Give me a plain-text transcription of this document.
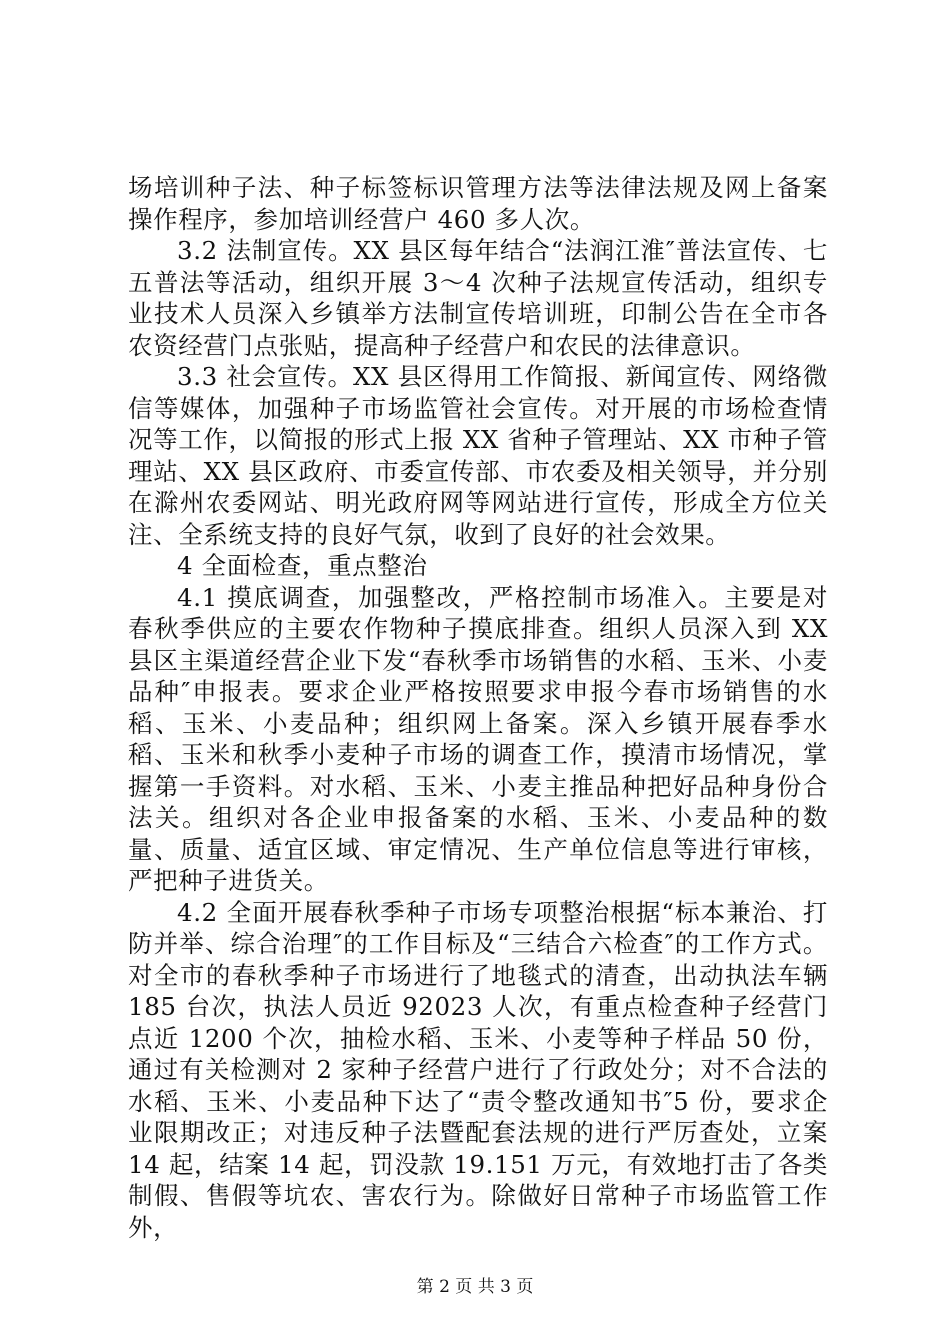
场培训种子法、种子标签标识管理方法等法律法规及网上备案操作程序，参加培训经营户 460 多人次。

3.2 法制宣传。XX 县区每年结合“法润江淮″普法宣传、七五普法等活动，组织开展 3～4 次种子法规宣传活动，组织专业技术人员深入乡镇举方法制宣传培训班，印制公告在全市各农资经营门点张贴，提高种子经营户和农民的法律意识。

3.3 社会宣传。XX 县区得用工作简报、新闻宣传、网络微信等媒体，加强种子市场监管社会宣传。对开展的市场检查情况等工作，以简报的形式上报 XX 省种子管理站、XX 市种子管理站、XX 县区政府、市委宣传部、市农委及相关领导，并分别在滁州农委网站、明光政府网等网站进行宣传，形成全方位关注、全系统支持的良好气氛，收到了良好的社会效果。

4 全面检查，重点整治

4.1 摸底调查，加强整改，严格控制市场准入。主要是对春秋季供应的主要农作物种子摸底排查。组织人员深入到 XX 县区主渠道经营企业下发“春秋季市场销售的水稻、玉米、小麦品种″申报表。要求企业严格按照要求申报今春市场销售的水稻、玉米、小麦品种；组织网上备案。深入乡镇开展春季水稻、玉米和秋季小麦种子市场的调查工作，摸清市场情况，掌握第一手资料。对水稻、玉米、小麦主推品种把好品种身份合法关。组织对各企业申报备案的水稻、玉米、小麦品种的数量、质量、适宜区域、审定情况、生产单位信息等进行审核，严把种子进货关。

4.2 全面开展春秋季种子市场专项整治根据“标本兼治、打防并举、综合治理″的工作目标及“三结合六检查″的工作方式。对全市的春秋季种子市场进行了地毯式的清查，出动执法车辆 185 台次，执法人员近 92023 人次，有重点检查种子经营门点近 1200 个次，抽检水稻、玉米、小麦等种子样品 50 份，通过有关检测对 2 家种子经营户进行了行政处分；对不合法的水稻、玉米、小麦品种下达了“责令整改通知书″5 份，要求企业限期改正；对违反种子法暨配套法规的进行严厉查处，立案 14 起，结案 14 起，罚没款 19.151 万元，有效地打击了各类制假、售假等坑农、害农行为。除做好日常种子市场监管工作外，

第 2 页 共 3 页
